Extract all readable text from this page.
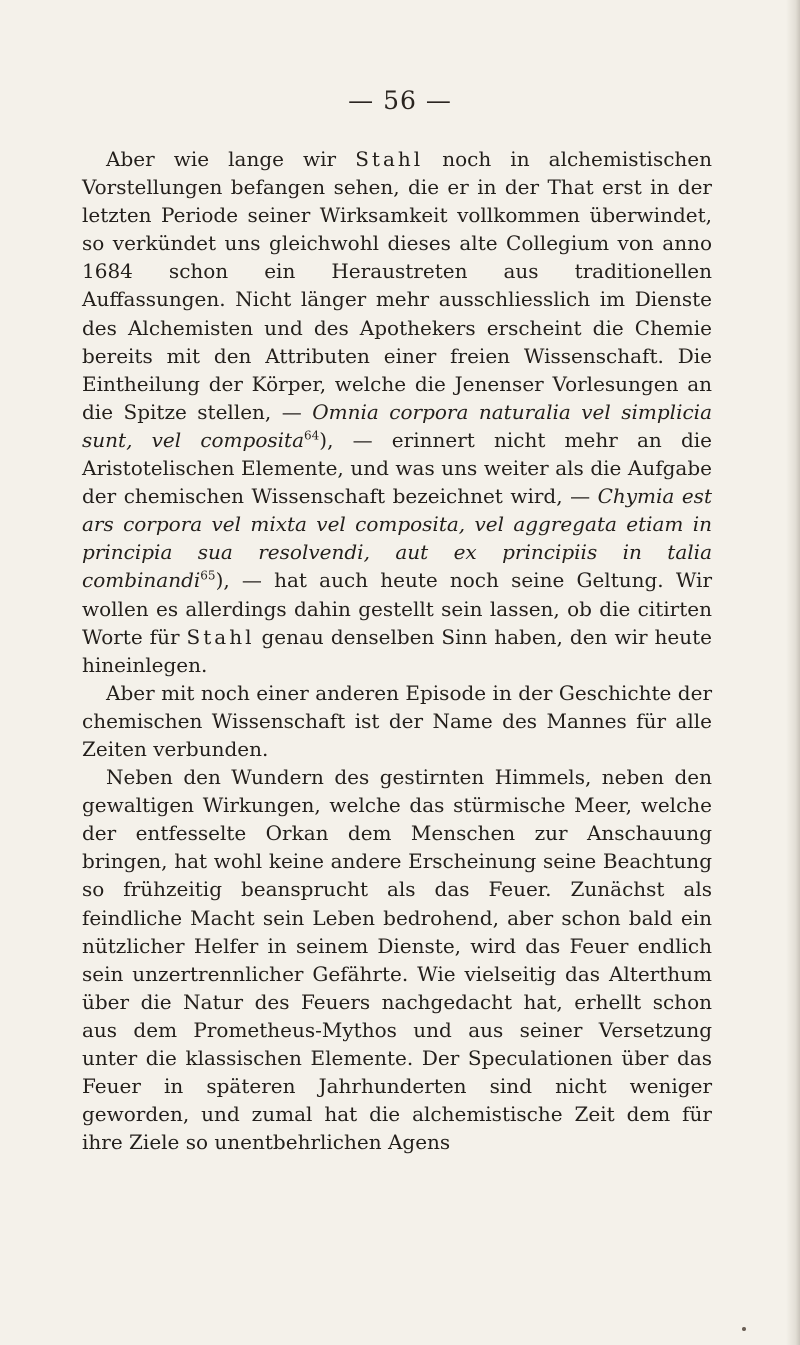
— 56 —

Aber wie lange wir Stahl noch in alchemistischen Vorstellungen befangen sehen, die er in der That erst in der letzten Periode seiner Wirksamkeit vollkommen überwindet, so verkündet uns gleichwohl dieses alte Collegium von anno 1684 schon ein Heraustreten aus traditionellen Auffassungen. Nicht länger mehr ausschliesslich im Dienste des Alchemisten und des Apothekers erscheint die Chemie bereits mit den Attributen einer freien Wissenschaft. Die Eintheilung der Körper, welche die Jenenser Vorlesungen an die Spitze stellen, — Omnia corpora naturalia vel simplicia sunt, vel composita$^{64}$), — erinnert nicht mehr an die Aristotelischen Elemente, und was uns weiter als die Aufgabe der chemischen Wissenschaft bezeichnet wird, — Chymia est ars corpora vel mixta vel composita, vel aggregata etiam in principia sua resolvendi, aut ex principiis in talia combinandi$^{65}$), — hat auch heute noch seine Geltung. Wir wollen es allerdings dahin gestellt sein lassen, ob die citirten Worte für Stahl genau denselben Sinn haben, den wir heute hineinlegen.

Aber mit noch einer anderen Episode in der Geschichte der chemischen Wissenschaft ist der Name des Mannes für alle Zeiten verbunden.

Neben den Wundern des gestirnten Himmels, neben den gewaltigen Wirkungen, welche das stürmische Meer, welche der entfesselte Orkan dem Menschen zur Anschauung bringen, hat wohl keine andere Erscheinung seine Beachtung so frühzeitig beansprucht als das Feuer. Zunächst als feindliche Macht sein Leben bedrohend, aber schon bald ein nützlicher Helfer in seinem Dienste, wird das Feuer endlich sein unzertrennlicher Gefährte. Wie vielseitig das Alterthum über die Natur des Feuers nachgedacht hat, erhellt schon aus dem Prometheus-Mythos und aus seiner Versetzung unter die klassischen Elemente. Der Speculationen über das Feuer in späteren Jahrhunderten sind nicht weniger geworden, und zumal hat die alchemistische Zeit dem für ihre Ziele so unentbehrlichen Agens
